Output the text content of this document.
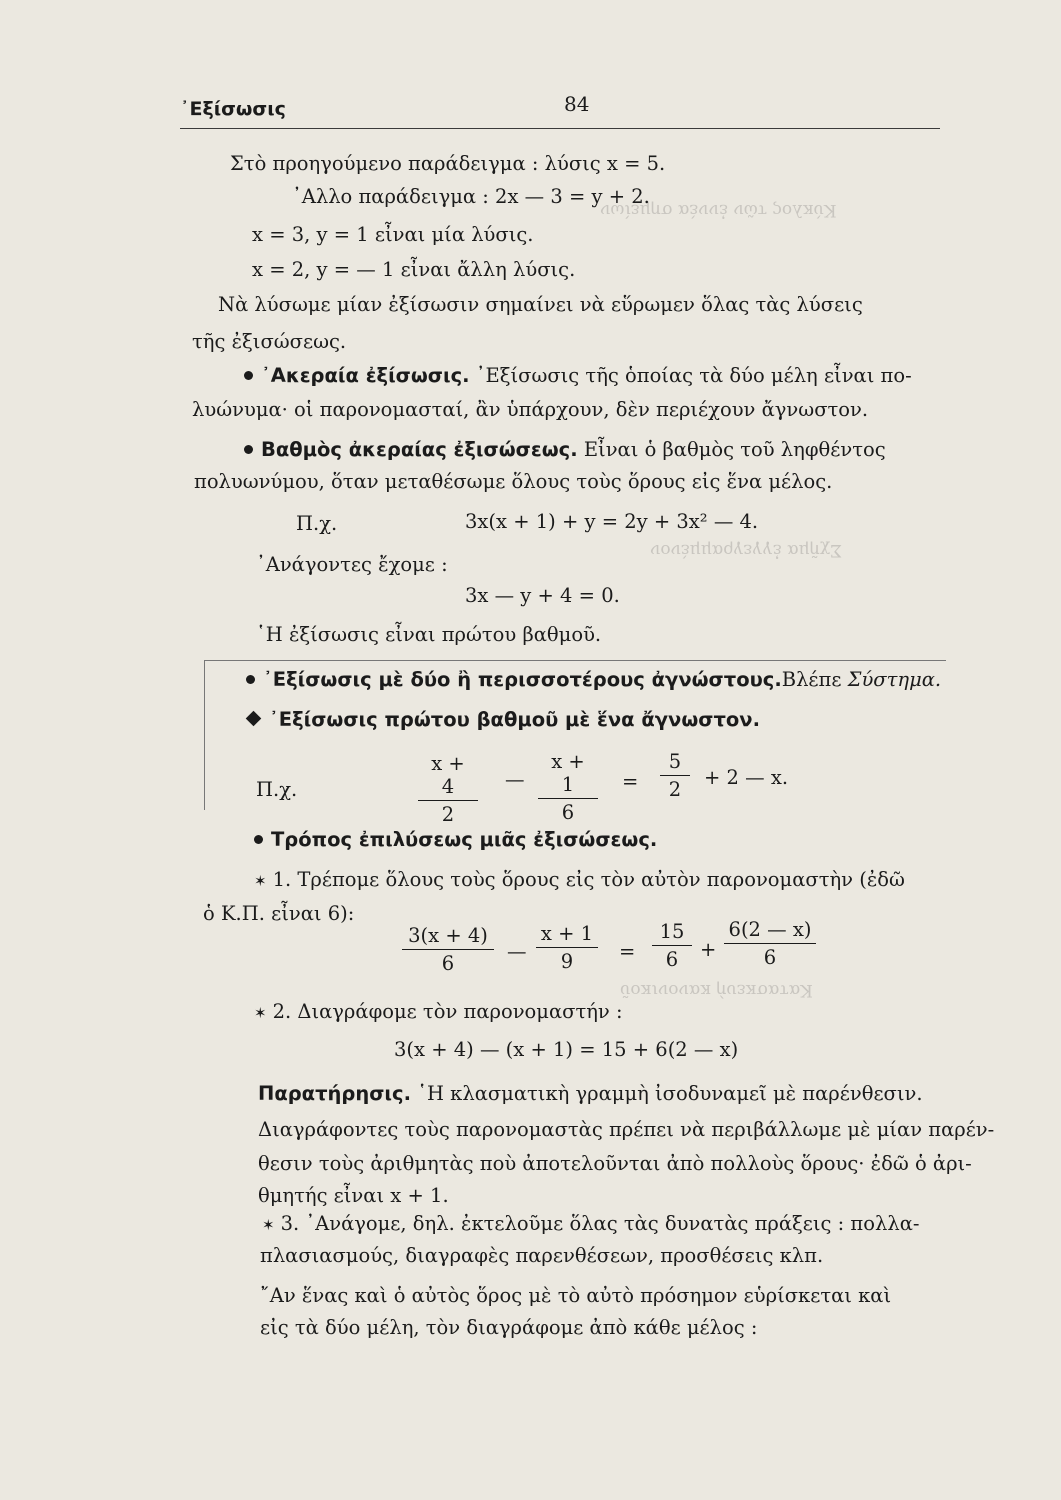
Κύκλος τῶν ἐννέα σημείων
Σχῆμα ἐγγεγραμμένον
Κατασκευὴ κανονικοῦ
᾿Εξίσωσις	84
Στὸ προηγούμενο παράδειγμα : λύσις x = 5.
᾿Αλλο παράδειγμα : 2x — 3 = y + 2.
x = 3, y = 1 εἶναι μία λύσις.
x = 2, y = — 1 εἶναι ἄλλη λύσις.
Νὰ λύσωμε μίαν ἐξίσωσιν σημαίνει νὰ εὕρωμεν ὅλας τὰς λύσεις
τῆς ἐξισώσεως.
᾿Ακεραία ἐξίσωσις. ᾿Εξίσωσις τῆς ὁποίας τὰ δύο μέλη εἶναι πο-
λυώνυμα· οἱ παρονομασταί, ἂν ὑπάρχουν, δὲν περιέχουν ἄγνωστον.
Βαθμὸς ἀκεραίας ἐξισώσεως. Εἶναι ὁ βαθμὸς τοῦ ληφθέντος
πολυωνύμου, ὅταν μεταθέσωμε ὅλους τοὺς ὅρους εἰς ἕνα μέλος.
Π.χ.	3x(x + 1) + y = 2y + 3x² — 4.
᾿Ανάγοντες ἔχομε :
3x — y + 4 = 0.
῾Η ἐξίσωσις εἶναι πρώτου βαθμοῦ.
᾿Εξίσωσις μὲ δύο ἢ περισσοτέρους ἀγνώστους.Βλέπε Σύστημα.
᾿Εξίσωσις πρώτου βαθμοῦ μὲ ἕνα ἄγνωστον.
Π.χ.
x + 4
2
—
x + 1
6
=
5
2
+ 2 — x.
Τρόπος ἐπιλύσεως μιᾶς ἐξισώσεως.
✶ 1. Τρέπομε ὅλους τοὺς ὅρους εἰς τὸν αὐτὸν παρονομαστὴν (ἐδῶ
ὁ Κ.Π. εἶναι 6):
3(x + 4)
6
—
x + 1
9	=
15
6	+
6(2 — x)
6
✶ 2. Διαγράφομε τὸν παρονομαστήν :
3(x + 4) — (x + 1) = 15 + 6(2 — x)
Παρατήρησις. ῾Η κλασματικὴ γραμμὴ ἰσοδυναμεῖ μὲ παρένθεσιν.
Διαγράφοντες τοὺς παρονομαστὰς πρέπει νὰ περιβάλλωμε μὲ μίαν παρέν-
θεσιν τοὺς ἀριθμητὰς ποὺ ἀποτελοῦνται ἀπὸ πολλοὺς ὅρους· ἐδῶ ὁ ἀρι-
θμητής εἶναι x + 1.
✶ 3. ᾿Ανάγομε, δηλ. ἐκτελοῦμε ὅλας τὰς δυνατὰς πράξεις : πολλα-
πλασιασμούς, διαγραφὲς παρενθέσεων, προσθέσεις κλπ.
῎Αν ἕνας καὶ ὁ αὐτὸς ὅρος μὲ τὸ αὐτὸ πρόσημον εὑρίσκεται καὶ
εἰς τὰ δύο μέλη, τὸν διαγράφομε ἀπὸ κάθε μέλος :
